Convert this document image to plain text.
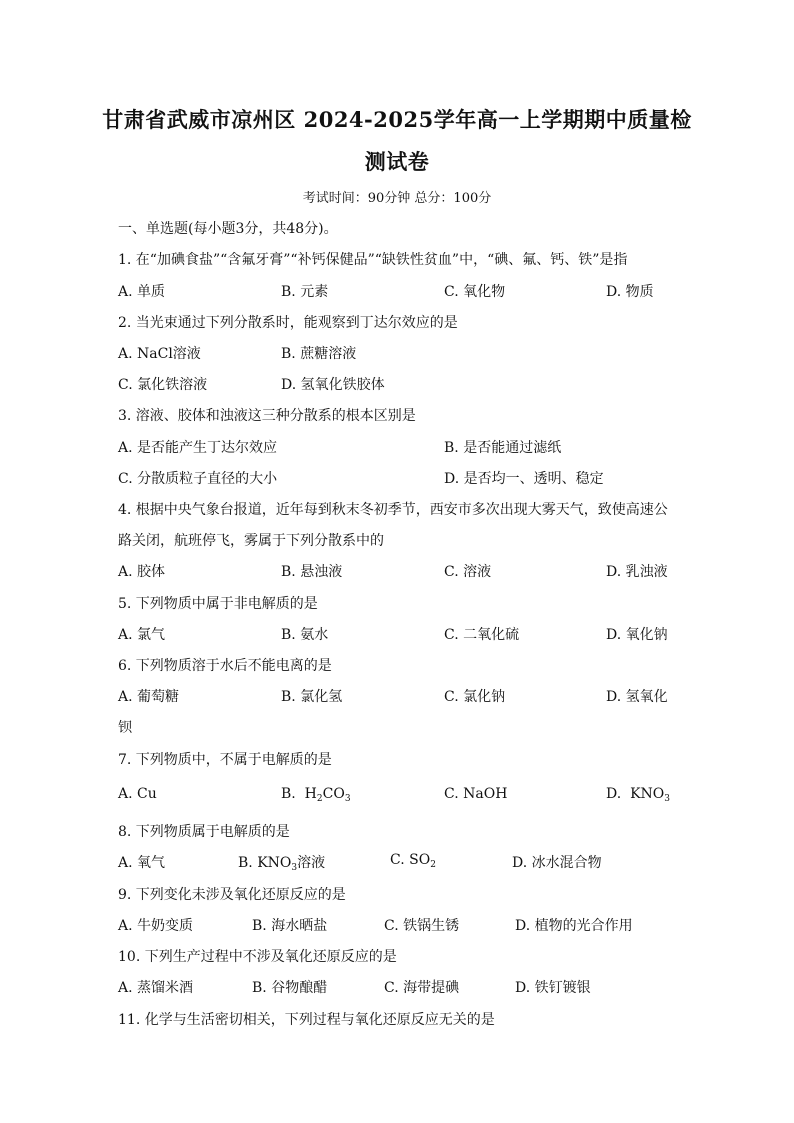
甘肃省武威市凉州区 2024-2025学年高一上学期期中质量检
测试卷
考试时间：90分钟 总分：100分
一、单选题(每小题3分，共48分)。
1. 在“加碘食盐”“含氟牙膏”“补钙保健品”“缺铁性贫血”中，“碘、氟、钙、铁”是指
A. 单质	B. 元素	C. 氧化物	D. 物质
2. 当光束通过下列分散系时，能观察到丁达尔效应的是
A. NaCl溶液	B. 蔗糖溶液
C. 氯化铁溶液	D. 氢氧化铁胶体
3. 溶液、胶体和浊液这三种分散系的根本区别是
A. 是否能产生丁达尔效应	B. 是否能通过滤纸
C. 分散质粒子直径的大小	D. 是否均一、透明、稳定
4. 根据中央气象台报道，近年每到秋末冬初季节，西安市多次出现大雾天气，致使高速公
路关闭，航班停飞，雾属于下列分散系中的
A. 胶体	B. 悬浊液	C. 溶液	D. 乳浊液
5. 下列物质中属于非电解质的是
A. 氯气	B. 氨水	C. 二氧化硫	D. 氧化钠
6. 下列物质溶于水后不能电离的是
A. 葡萄糖	B. 氯化氢	C. 氯化钠	D. 氢氧化
钡
7. 下列物质中，不属于电解质的是
A. Cu	B. $H_2CO_3$	C. NaOH	D. $KNO_3$
8. 下列物质属于电解质的是
A. 氧气	B. $KNO_3$溶液	C. $SO_2$	D. 冰水混合物
9. 下列变化未涉及氧化还原反应的是
A. 牛奶变质	B. 海水晒盐	C. 铁锅生锈	D. 植物的光合作用
10. 下列生产过程中不涉及氧化还原反应的是
A. 蒸馏米酒	B. 谷物酿醋	C. 海带提碘	D. 铁钉镀银
11. 化学与生活密切相关，下列过程与氧化还原反应无关的是
